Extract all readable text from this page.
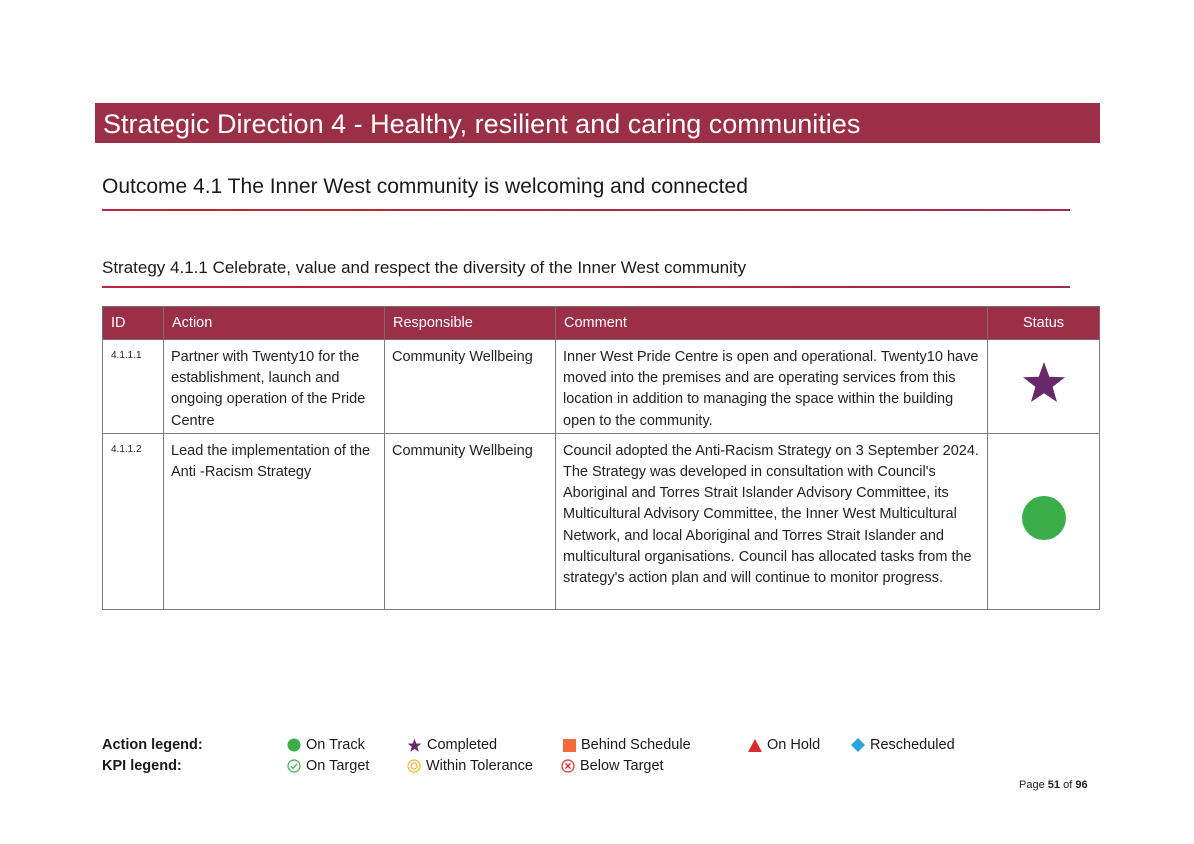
Strategic Direction 4 - Healthy, resilient and caring communities
Outcome 4.1 The Inner West community is welcoming and connected
Strategy 4.1.1 Celebrate, value and respect the diversity of the Inner West community
ID	Action	Responsible	Comment	Status
4.1.1.1	Partner with Twenty10 for the establishment, launch and ongoing operation of the Pride Centre	Community Wellbeing	Inner West Pride Centre is open and operational. Twenty10 have moved into the premises and are operating services from this location in addition to managing the space within the building open to the community.	
4.1.1.2	Lead the implementation of the Anti -Racism Strategy	Community Wellbeing	Council adopted the Anti-Racism Strategy on 3 September 2024. The Strategy was developed in consultation with Council's Aboriginal and Torres Strait Islander Advisory Committee, its Multicultural Advisory Committee, the Inner West Multicultural Network, and local Aboriginal and Torres Strait Islander and multicultural organisations. Council has allocated tasks from the strategy's action plan and will continue to monitor progress.	
Action legend:	On Track	Completed	Behind Schedule	On Hold	Rescheduled
KPI legend:	On Target	Within Tolerance	Below Target
Page 51 of 96
